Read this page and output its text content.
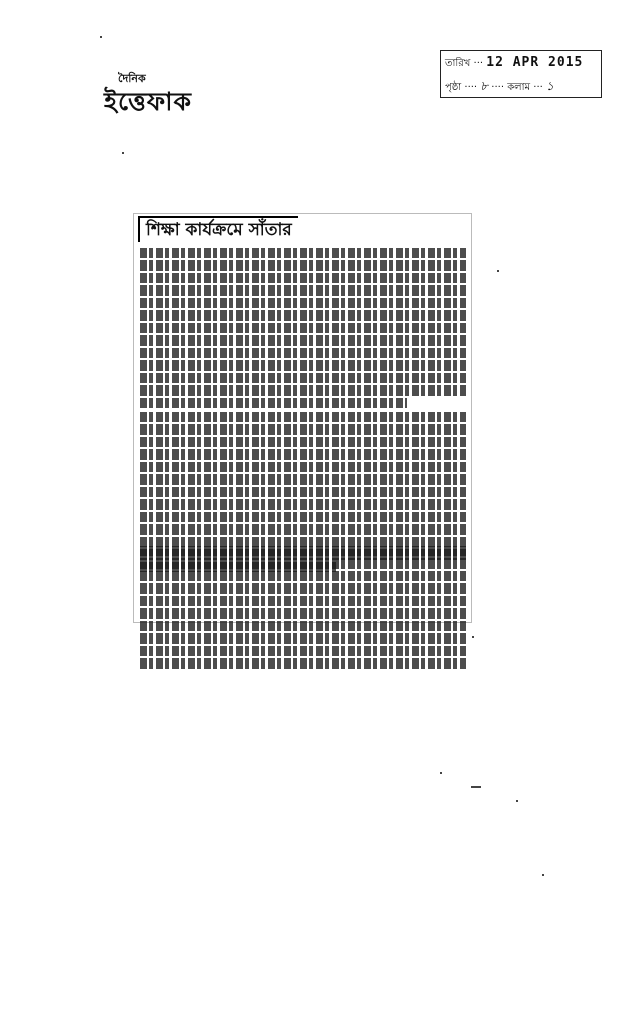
দৈনিক
ইত্তেফাক
তারিখ ··· 12 APR 2015
পৃষ্ঠা ···· ৮ ···· কলাম ··· ১
শিক্ষা কার্যক্রমে সাঁতার
